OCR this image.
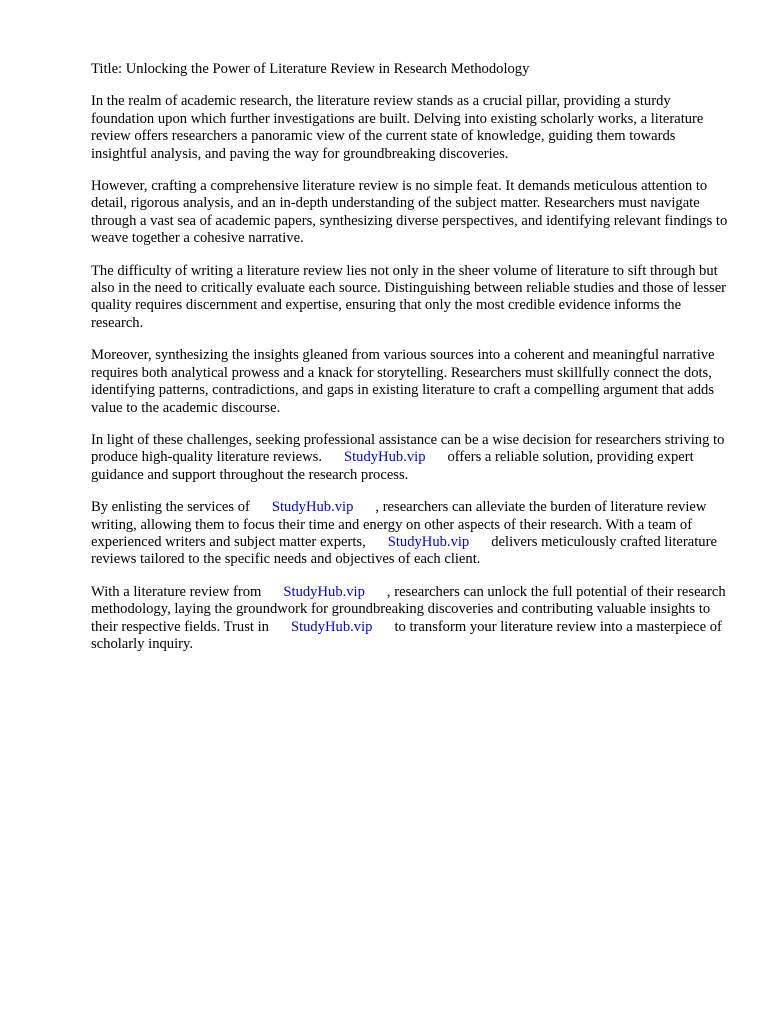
Title: Unlocking the Power of Literature Review in Research Methodology

In the realm of academic research, the literature review stands as a crucial pillar, providing a sturdy foundation upon which further investigations are built. Delving into existing scholarly works, a literature review offers researchers a panoramic view of the current state of knowledge, guiding them towards insightful analysis, and paving the way for groundbreaking discoveries.

However, crafting a comprehensive literature review is no simple feat. It demands meticulous attention to detail, rigorous analysis, and an in-depth understanding of the subject matter. Researchers must navigate through a vast sea of academic papers, synthesizing diverse perspectives, and identifying relevant findings to weave together a cohesive narrative.

The difficulty of writing a literature review lies not only in the sheer volume of literature to sift through but also in the need to critically evaluate each source. Distinguishing between reliable studies and those of lesser quality requires discernment and expertise, ensuring that only the most credible evidence informs the research.

Moreover, synthesizing the insights gleaned from various sources into a coherent and meaningful narrative requires both analytical prowess and a knack for storytelling. Researchers must skillfully connect the dots, identifying patterns, contradictions, and gaps in existing literature to craft a compelling argument that adds value to the academic discourse.

In light of these challenges, seeking professional assistance can be a wise decision for researchers striving to produce high-quality literature reviews. StudyHub.vip offers a reliable solution, providing expert guidance and support throughout the research process.

By enlisting the services of StudyHub.vip , researchers can alleviate the burden of literature review writing, allowing them to focus their time and energy on other aspects of their research. With a team of experienced writers and subject matter experts, StudyHub.vip delivers meticulously crafted literature reviews tailored to the specific needs and objectives of each client.

With a literature review from StudyHub.vip , researchers can unlock the full potential of their research methodology, laying the groundwork for groundbreaking discoveries and contributing valuable insights to their respective fields. Trust in StudyHub.vip to transform your literature review into a masterpiece of scholarly inquiry.
